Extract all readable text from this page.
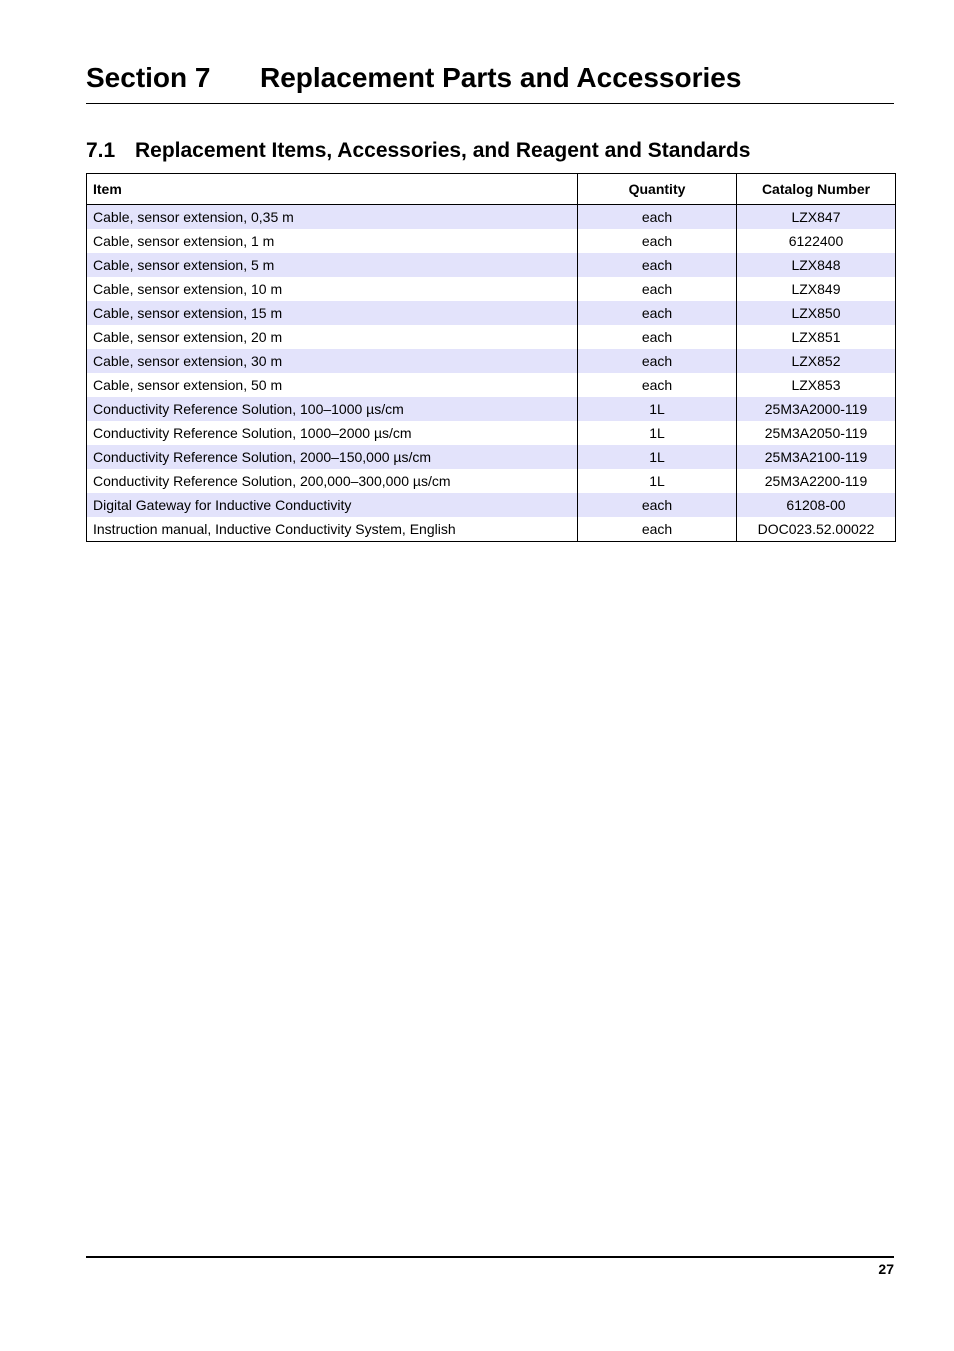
Section 7 Replacement Parts and Accessories
7.1 Replacement Items, Accessories, and Reagent and Standards
Item	Quantity	Catalog Number
Cable, sensor extension, 0,35 m	each	LZX847
Cable, sensor extension, 1 m	each	6122400
Cable, sensor extension, 5 m	each	LZX848
Cable, sensor extension, 10 m	each	LZX849
Cable, sensor extension, 15 m	each	LZX850
Cable, sensor extension, 20 m	each	LZX851
Cable, sensor extension, 30 m	each	LZX852
Cable, sensor extension, 50 m	each	LZX853
Conductivity Reference Solution, 100–1000 µs/cm	1L	25M3A2000-119
Conductivity Reference Solution, 1000–2000 µs/cm	1L	25M3A2050-119
Conductivity Reference Solution, 2000–150,000 µs/cm	1L	25M3A2100-119
Conductivity Reference Solution, 200,000–300,000 µs/cm	1L	25M3A2200-119
Digital Gateway for Inductive Conductivity	each	61208-00
Instruction manual, Inductive Conductivity System, English	each	DOC023.52.00022
27
